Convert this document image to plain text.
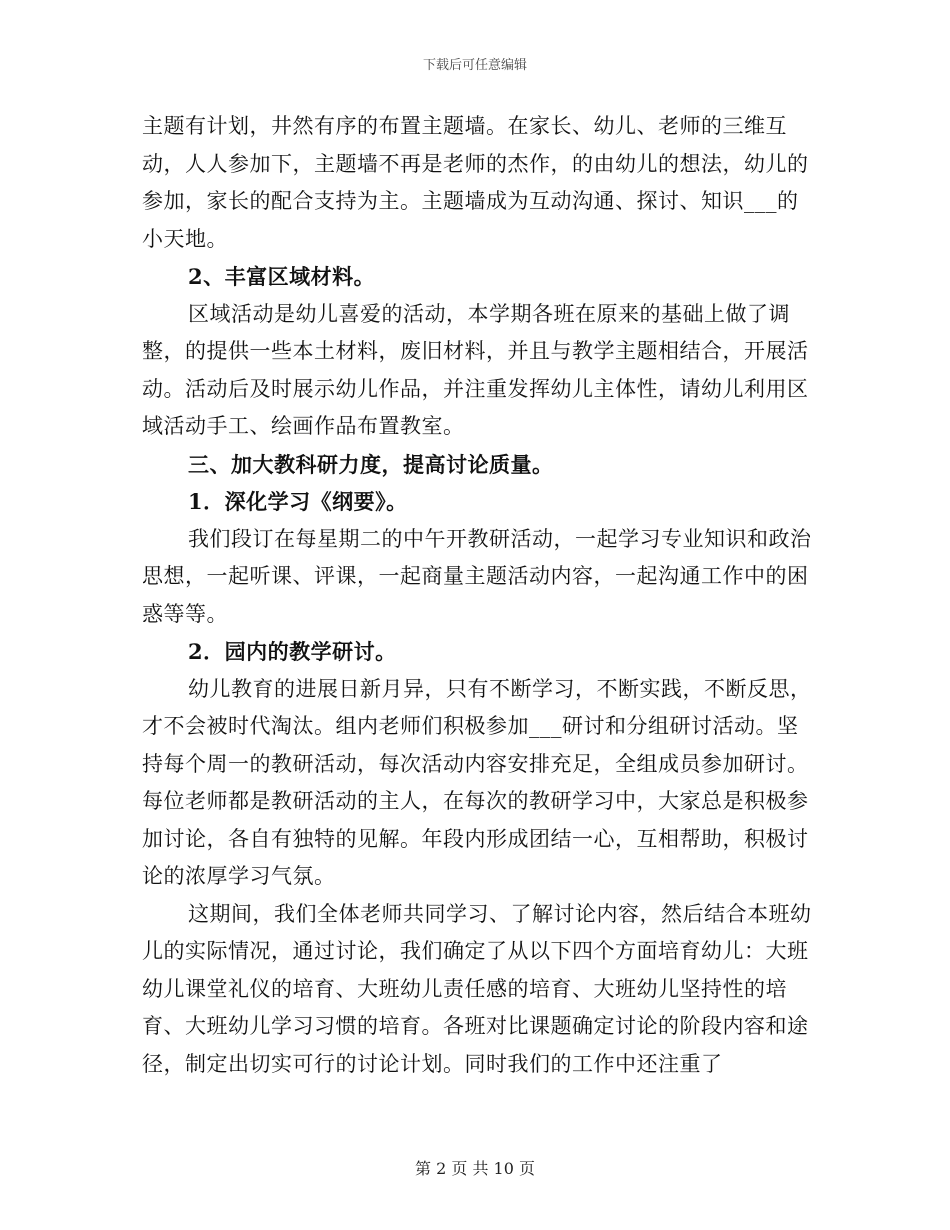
下载后可任意编辑

主题有计划，井然有序的布置主题墙。在家长、幼儿、老师的三维互动，人人参加下，主题墙不再是老师的杰作，的由幼儿的想法，幼儿的参加，家长的配合支持为主。主题墙成为互动沟通、探讨、知识___的小天地。

2、丰富区域材料。

区域活动是幼儿喜爱的活动，本学期各班在原来的基础上做了调整，的提供一些本土材料，废旧材料，并且与教学主题相结合，开展活动。活动后及时展示幼儿作品，并注重发挥幼儿主体性，请幼儿利用区域活动手工、绘画作品布置教室。

三、加大教科研力度，提高讨论质量。

1．深化学习《纲要》。

我们段订在每星期二的中午开教研活动，一起学习专业知识和政治思想，一起听课、评课，一起商量主题活动内容，一起沟通工作中的困惑等等。

2．园内的教学研讨。

幼儿教育的进展日新月异，只有不断学习，不断实践，不断反思，才不会被时代淘汰。组内老师们积极参加___研讨和分组研讨活动。坚持每个周一的教研活动，每次活动内容安排充足，全组成员参加研讨。每位老师都是教研活动的主人，在每次的教研学习中，大家总是积极参加讨论，各自有独特的见解。年段内形成团结一心，互相帮助，积极讨论的浓厚学习气氛。

这期间，我们全体老师共同学习、了解讨论内容，然后结合本班幼儿的实际情况，通过讨论，我们确定了从以下四个方面培育幼儿：大班幼儿课堂礼仪的培育、大班幼儿责任感的培育、大班幼儿坚持性的培育、大班幼儿学习习惯的培育。各班对比课题确定讨论的阶段内容和途径，制定出切实可行的讨论计划。同时我们的工作中还注重了

第 2 页 共 10 页
